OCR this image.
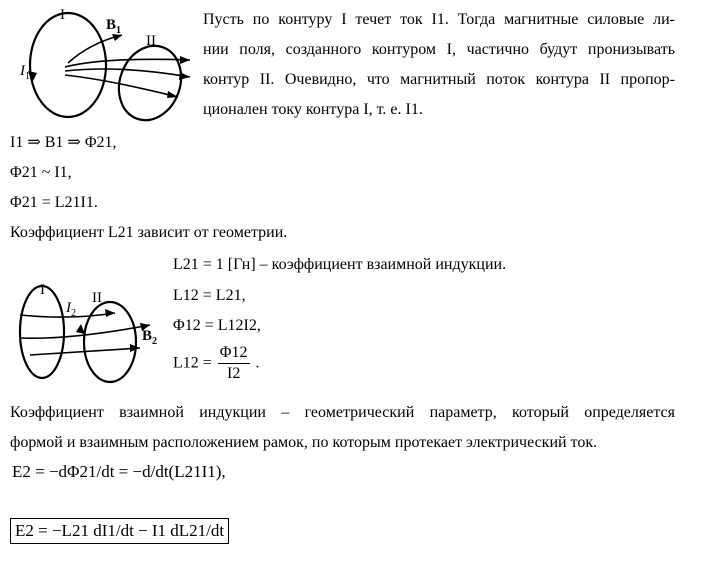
I
$B_1$
II
$I_1$
Пусть по контуру I течет ток I1. Тогда магнитные силовые ли-
нии поля, созданного контуром I, частично будут пронизывать
контур II. Очевидно, что магнитный поток контура II пропор-
ционален току контура I, т. е. I1.
I1 ⇒ B1 ⇒ Φ21,
Φ21 ~ I1,
Φ21 = L21I1.
Коэффициент L21 зависит от геометрии.
I
$I_2$
II
$B_2$
L21 = 1 [Гн] – коэффициент взаимной индукции.
L12 = L21,
Φ12 = L12I2,
$L12 = \frac{\Phi 12}{I2}$ .
Коэффициент взаимной индукции – геометрический параметр, который определяется
формой и взаимным расположением рамок, по которым протекает электрический ток.
E2 = −dΦ21/dt = −d/dt(L21I1),
E2 = −L21 dI1/dt − I1 dL21/dt
